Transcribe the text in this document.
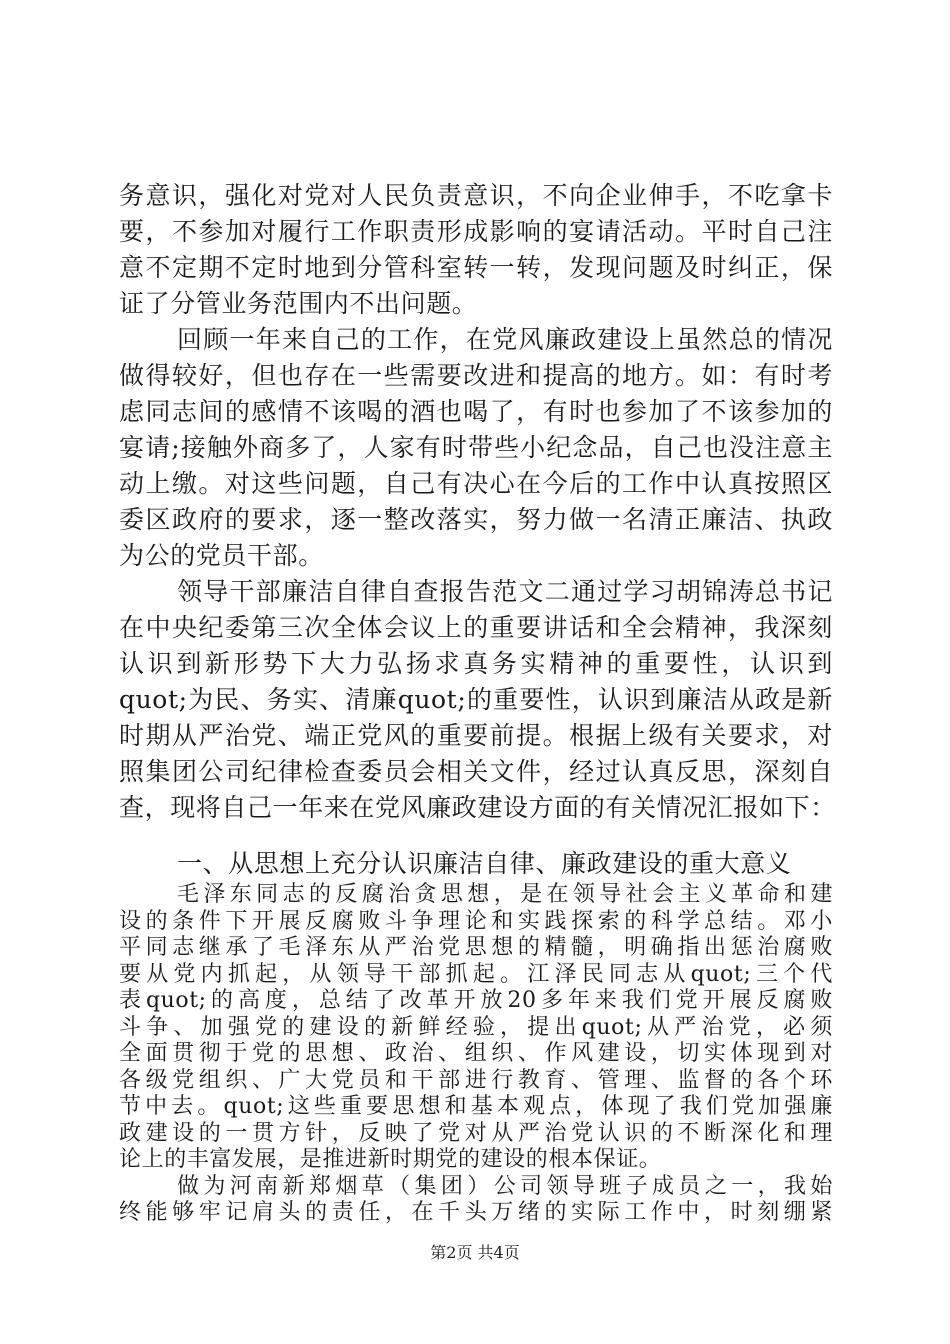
务意识，强化对党对人民负责意识，不向企业伸手，不吃拿卡
要，不参加对履行工作职责形成影响的宴请活动。平时自己注
意不定期不定时地到分管科室转一转，发现问题及时纠正，保
证了分管业务范围内不出问题。
回顾一年来自己的工作，在党风廉政建设上虽然总的情况
做得较好，但也存在一些需要改进和提高的地方。如：有时考
虑同志间的感情不该喝的酒也喝了，有时也参加了不该参加的
宴请;接触外商多了，人家有时带些小纪念品，自己也没注意主
动上缴。对这些问题，自己有决心在今后的工作中认真按照区
委区政府的要求，逐一整改落实，努力做一名清正廉洁、执政
为公的党员干部。
领导干部廉洁自律自查报告范文二通过学习胡锦涛总书记
在中央纪委第三次全体会议上的重要讲话和全会精神，我深刻
认识到新形势下大力弘扬求真务实精神的重要性，认识到
quot;为民、务实、清廉quot;的重要性，认识到廉洁从政是新
时期从严治党、端正党风的重要前提。根据上级有关要求，对
照集团公司纪律检查委员会相关文件，经过认真反思，深刻自
查，现将自己一年来在党风廉政建设方面的有关情况汇报如下：
一、从思想上充分认识廉洁自律、廉政建设的重大意义
毛泽东同志的反腐治贪思想，是在领导社会主义革命和建
设的条件下开展反腐败斗争理论和实践探索的科学总结。邓小
平同志继承了毛泽东从严治党思想的精髓，明确指出惩治腐败
要从党内抓起，从领导干部抓起。江泽民同志从quot;三个代
表quot;的高度，总结了改革开放20多年来我们党开展反腐败
斗争、加强党的建设的新鲜经验，提出quot;从严治党，必须
全面贯彻于党的思想、政治、组织、作风建设，切实体现到对
各级党组织、广大党员和干部进行教育、管理、监督的各个环
节中去。quot;这些重要思想和基本观点，体现了我们党加强廉
政建设的一贯方针，反映了党对从严治党认识的不断深化和理
论上的丰富发展，是推进新时期党的建设的根本保证。
做为河南新郑烟草（集团）公司领导班子成员之一，我始
终能够牢记肩头的责任，在千头万绪的实际工作中，时刻绷紧
第2页 共4页
